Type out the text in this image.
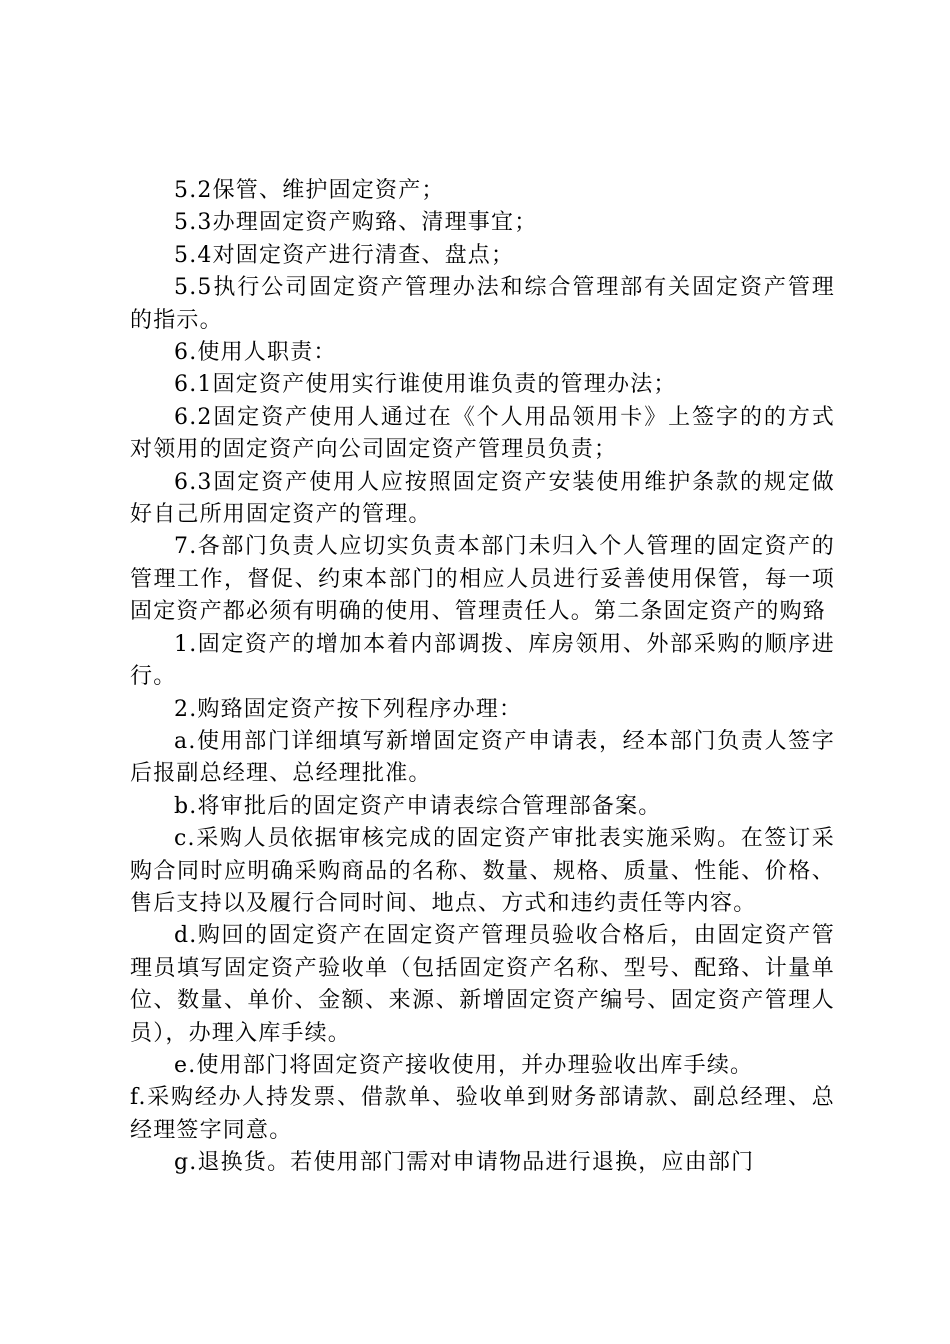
5.2保管、维护固定资产；

5.3办理固定资产购臵、清理事宜；

5.4对固定资产进行清查、盘点；

5.5执行公司固定资产管理办法和综合管理部有关固定资产管理的指示。

6.使用人职责：

6.1固定资产使用实行谁使用谁负责的管理办法；

6.2固定资产使用人通过在《个人用品领用卡》上签字的的方式对领用的固定资产向公司固定资产管理员负责；

6.3固定资产使用人应按照固定资产安装使用维护条款的规定做好自己所用固定资产的管理。

7.各部门负责人应切实负责本部门未归入个人管理的固定资产的管理工作，督促、约束本部门的相应人员进行妥善使用保管，每一项固定资产都必须有明确的使用、管理责任人。第二条固定资产的购臵

1.固定资产的增加本着内部调拨、库房领用、外部采购的顺序进行。

2.购臵固定资产按下列程序办理：

a.使用部门详细填写新增固定资产申请表，经本部门负责人签字后报副总经理、总经理批准。

b.将审批后的固定资产申请表综合管理部备案。

c.采购人员依据审核完成的固定资产审批表实施采购。在签订采购合同时应明确采购商品的名称、数量、规格、质量、性能、价格、售后支持以及履行合同时间、地点、方式和违约责任等内容。

d.购回的固定资产在固定资产管理员验收合格后，由固定资产管理员填写固定资产验收单（包括固定资产名称、型号、配臵、计量单位、数量、单价、金额、来源、新增固定资产编号、固定资产管理人员），办理入库手续。

e.使用部门将固定资产接收使用，并办理验收出库手续。

f.采购经办人持发票、借款单、验收单到财务部请款、副总经理、总经理签字同意。

g.退换货。若使用部门需对申请物品进行退换，应由部门
